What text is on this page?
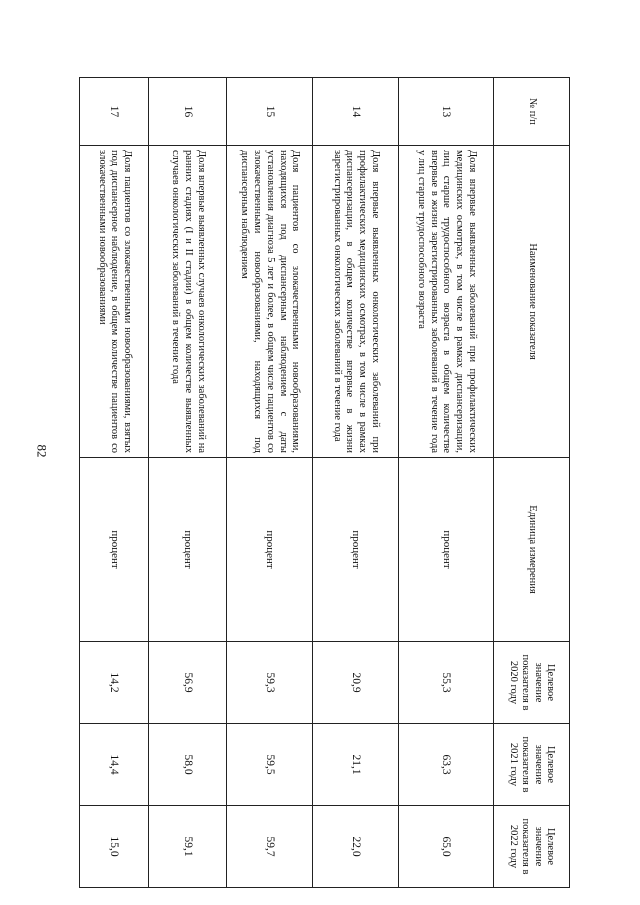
82
№ п/п	Наименование показателя	Единица измерения	Целевое значение показателя в 2020 году	Целевое значение показателя в 2021 году	Целевое значение показателя в 2022 году
13	Доля впервые выявленных заболеваний при профилактических медицинских осмотрах, в том числе в рамках диспансеризации, лиц старше трудоспособного возраста в общем количестве впервые в жизни зарегистрированных заболеваний в течение года у лиц старше трудоспособного возраста	процент	55,3	63,3	65,0
14	Доля впервые выявленных онкологических заболеваний при профилактических медицинских осмотрах, в том числе в рамках диспансеризации, в общем количестве впервые в жизни зарегистрированных онкологических заболеваний в течение года	процент	20,9	21,1	22,0
15	Доля пациентов со злокачественными новообразованиями, находящихся под диспансерным наблюдением с даты установления диагноза 5 лет и более, в общем числе пациентов со злокачественными новообразованиями, находящихся под диспансерным наблюдением	процент	59,3	59,5	59,7
16	Доля впервые выявленных случаев онкологических заболеваний на ранних стадиях (I и II стадии) в общем количестве выявленных случаев онкологических заболеваний в течение года	процент	56,9	58,0	59,1
17	Доля пациентов со злокачественными новообразованиями, взятых под диспансерное наблюдение, в общем количестве пациентов со злокачественными новообразованиями	процент	14,2	14,4	15,0
